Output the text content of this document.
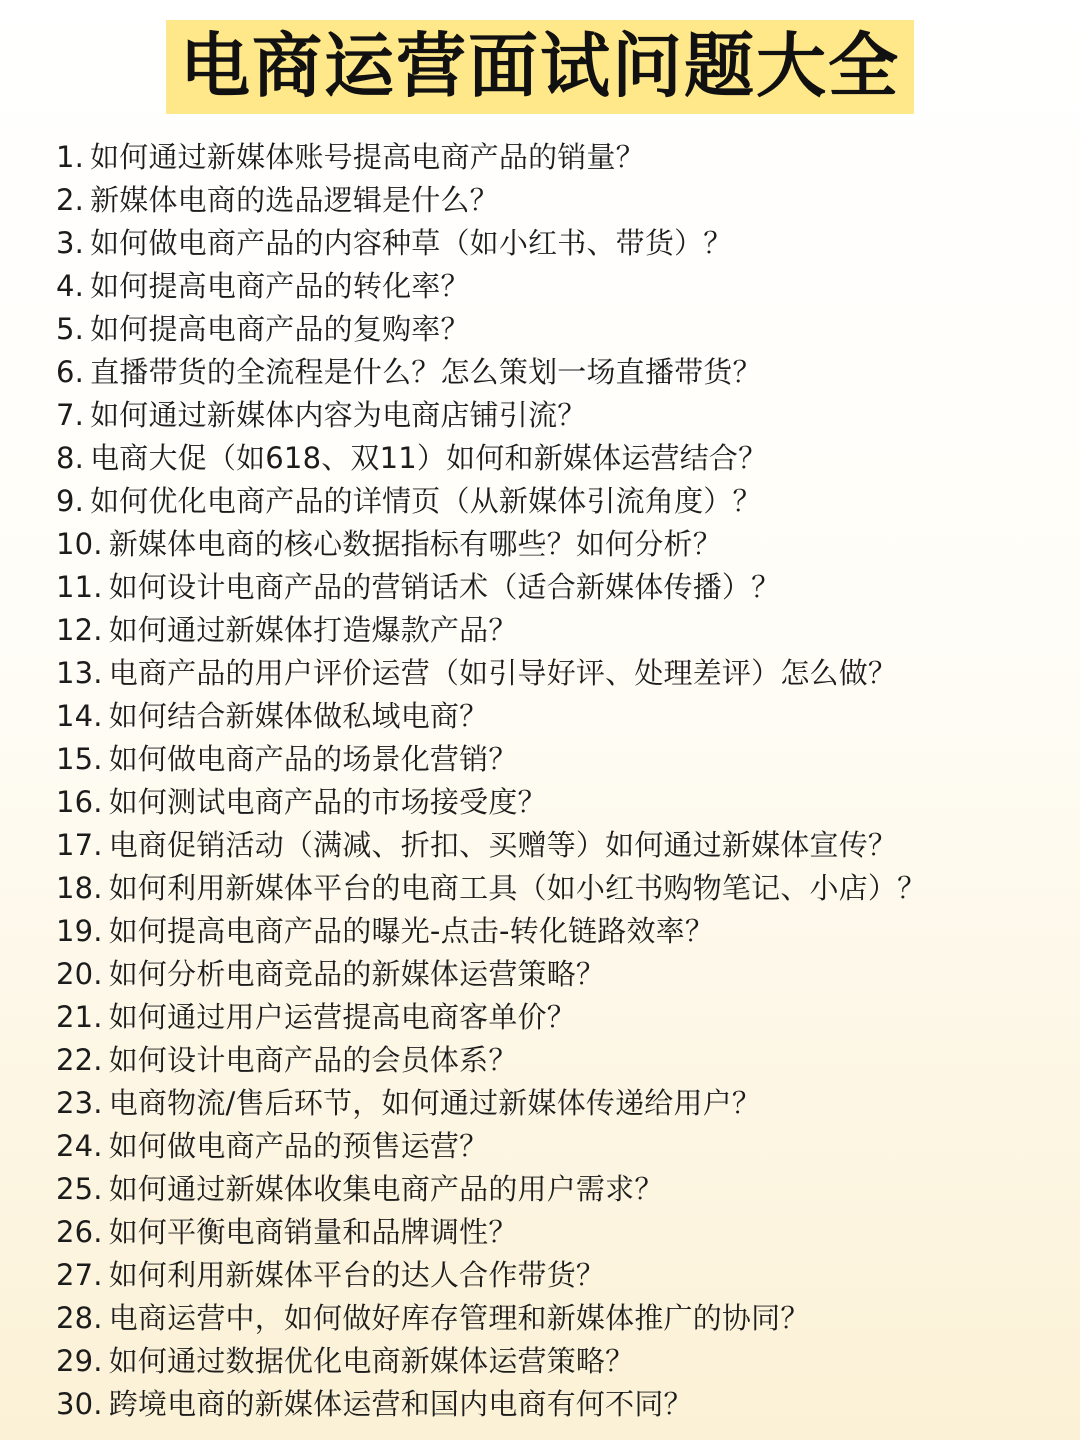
电商运营面试问题大全
1. 如何通过新媒体账号提高电商产品的销量？
2. 新媒体电商的选品逻辑是什么？
3. 如何做电商产品的内容种草（如小红书、带货）？
4. 如何提高电商产品的转化率？
5. 如何提高电商产品的复购率？
6. 直播带货的全流程是什么？怎么策划一场直播带货？
7. 如何通过新媒体内容为电商店铺引流？
8. 电商大促（如618、双11）如何和新媒体运营结合？
9. 如何优化电商产品的详情页（从新媒体引流角度）？
10. 新媒体电商的核心数据指标有哪些？如何分析？
11. 如何设计电商产品的营销话术（适合新媒体传播）？
12. 如何通过新媒体打造爆款产品？
13. 电商产品的用户评价运营（如引导好评、处理差评）怎么做？
14. 如何结合新媒体做私域电商？
15. 如何做电商产品的场景化营销？
16. 如何测试电商产品的市场接受度？
17. 电商促销活动（满减、折扣、买赠等）如何通过新媒体宣传？
18. 如何利用新媒体平台的电商工具（如小红书购物笔记、小店）？
19. 如何提高电商产品的曝光-点击-转化链路效率？
20. 如何分析电商竞品的新媒体运营策略？
21. 如何通过用户运营提高电商客单价？
22. 如何设计电商产品的会员体系？
23. 电商物流/售后环节，如何通过新媒体传递给用户？
24. 如何做电商产品的预售运营？
25. 如何通过新媒体收集电商产品的用户需求？
26. 如何平衡电商销量和品牌调性？
27. 如何利用新媒体平台的达人合作带货？
28. 电商运营中，如何做好库存管理和新媒体推广的协同？
29. 如何通过数据优化电商新媒体运营策略？
30. 跨境电商的新媒体运营和国内电商有何不同？
